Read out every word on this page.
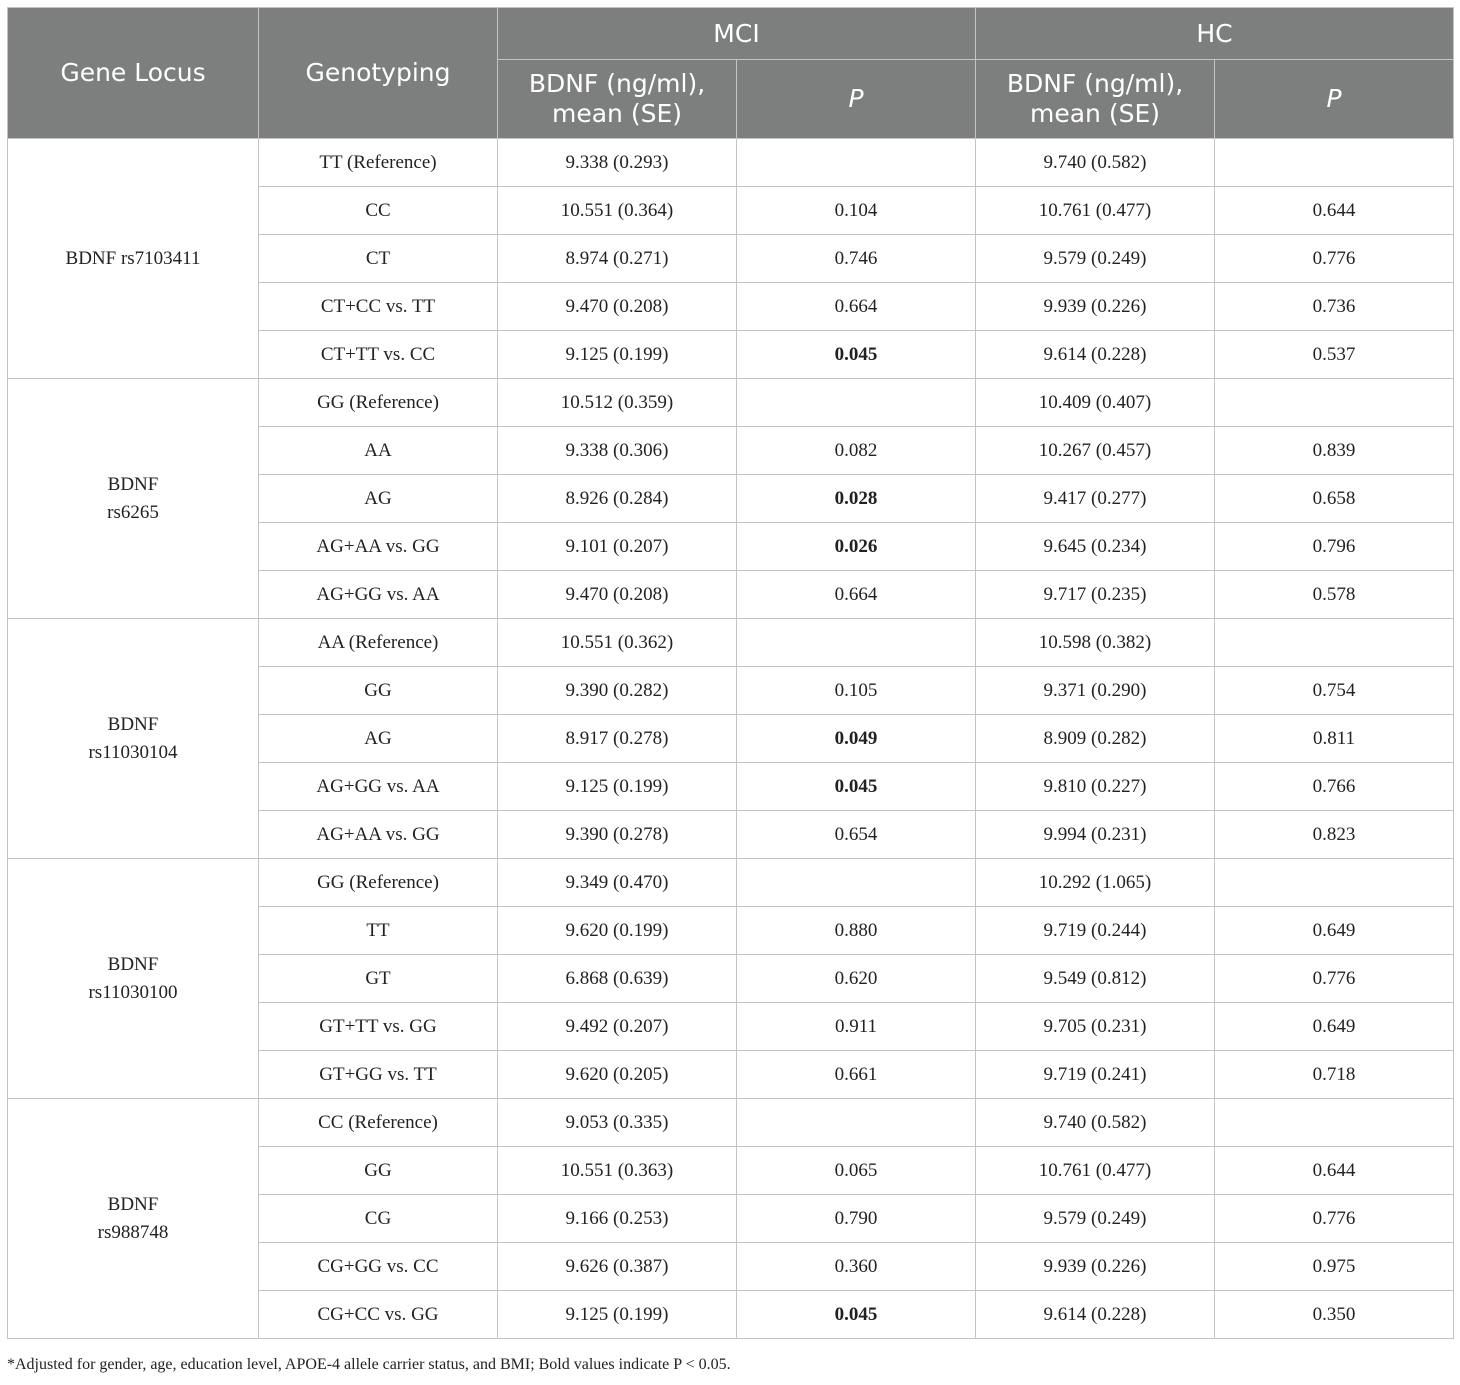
Gene Locus	Genotyping	MCI		HC	
		BDNF (ng/ml), mean (SE)	P	BDNF (ng/ml), mean (SE)	P
BDNF rs7103411	TT (Reference)	9.338 (0.293)		9.740 (0.582)	
	CC	10.551 (0.364)	0.104	10.761 (0.477)	0.644
	CT	8.974 (0.271)	0.746	9.579 (0.249)	0.776
	CT+CC vs. TT	9.470 (0.208)	0.664	9.939 (0.226)	0.736
	CT+TT vs. CC	9.125 (0.199)	0.045	9.614 (0.228)	0.537
BDNF
rs6265	GG (Reference)	10.512 (0.359)		10.409 (0.407)	
	AA	9.338 (0.306)	0.082	10.267 (0.457)	0.839
	AG	8.926 (0.284)	0.028	9.417 (0.277)	0.658
	AG+AA vs. GG	9.101 (0.207)	0.026	9.645 (0.234)	0.796
	AG+GG vs. AA	9.470 (0.208)	0.664	9.717 (0.235)	0.578
BDNF
rs11030104	AA (Reference)	10.551 (0.362)		10.598 (0.382)	
	GG	9.390 (0.282)	0.105	9.371 (0.290)	0.754
	AG	8.917 (0.278)	0.049	8.909 (0.282)	0.811
	AG+GG vs. AA	9.125 (0.199)	0.045	9.810 (0.227)	0.766
	AG+AA vs. GG	9.390 (0.278)	0.654	9.994 (0.231)	0.823
BDNF
rs11030100	GG (Reference)	9.349 (0.470)		10.292 (1.065)	
	TT	9.620 (0.199)	0.880	9.719 (0.244)	0.649
	GT	6.868 (0.639)	0.620	9.549 (0.812)	0.776
	GT+TT vs. GG	9.492 (0.207)	0.911	9.705 (0.231)	0.649
	GT+GG vs. TT	9.620 (0.205)	0.661	9.719 (0.241)	0.718
BDNF
rs988748	CC (Reference)	9.053 (0.335)		9.740 (0.582)	
	GG	10.551 (0.363)	0.065	10.761 (0.477)	0.644
	CG	9.166 (0.253)	0.790	9.579 (0.249)	0.776
	CG+GG vs. CC	9.626 (0.387)	0.360	9.939 (0.226)	0.975
	CG+CC vs. GG	9.125 (0.199)	0.045	9.614 (0.228)	0.350
*Adjusted for gender, age, education level, APOE-4 allele carrier status, and BMI; Bold values indicate P < 0.05.
